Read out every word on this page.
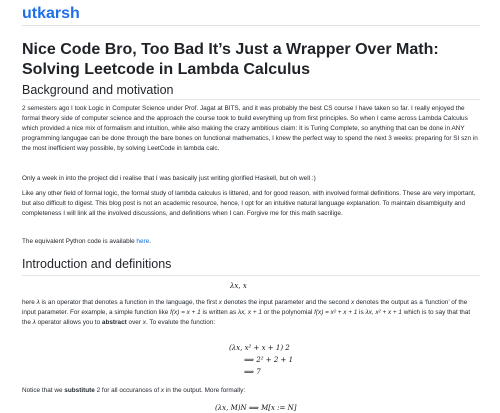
utkarsh
Nice Code Bro, Too Bad It’s Just a Wrapper Over Math: Solving Leetcode in Lambda Calculus
Background and motivation

2 semesters ago I took Logic in Computer Science under Prof. Jagat at BITS, and it was probably the best CS course I have taken so far. I really enjoyed the formal theory side of computer science and the approach the course took to build everything up from first principles. So when I came across Lambda Calculus which provided a nice mix of formalism and intuition, while also making the crazy ambitious claim: It is Turing Complete, so anything that can be done in ANY programming langugae can be done through the bare bones on functional mathematics, I knew the perfect way to spend the next 3 weeks: preparing for SI szn in the most inefficient way possible, by solving LeetCode in lambda calc.

Only a week in into the project did i realise that I was basically just writing glorified Haskell, but oh well :)

Like any other field of formal logic, the formal study of lambda calculus is littered, and for good reason, with involved formal definitions. These are very important, but also difficult to digest. This blog post is not an academic resource, hence, I opt for an intuitive natural language explanation. To maintain disambiguity and completeness I will link all the involved discussions, and definitions when I can. Forgive me for this math sacrilige.

The equivalent Python code is available here.

Introduction and definitions
λx, x

here λ is an operator that denotes a function in the language, the first x denotes the input parameter and the second x denotes the output as a ‘function’ of the input parameter. For example, a simple function like f(x) = x + 1 is written as λx, x + 1 or the polynomial f(x) = x² + x + 1 is λx, x² + x + 1 which is to say that that the λ operator allows you to abstract over x. To evalute the function:

(λx, x² + x + 1) 2
⟹ 2² + 2 + 1
⟹ 7

Notice that we substitute 2 for all occurances of x in the output. More formally:

(λx, M)N ⟹ M[x := N]
